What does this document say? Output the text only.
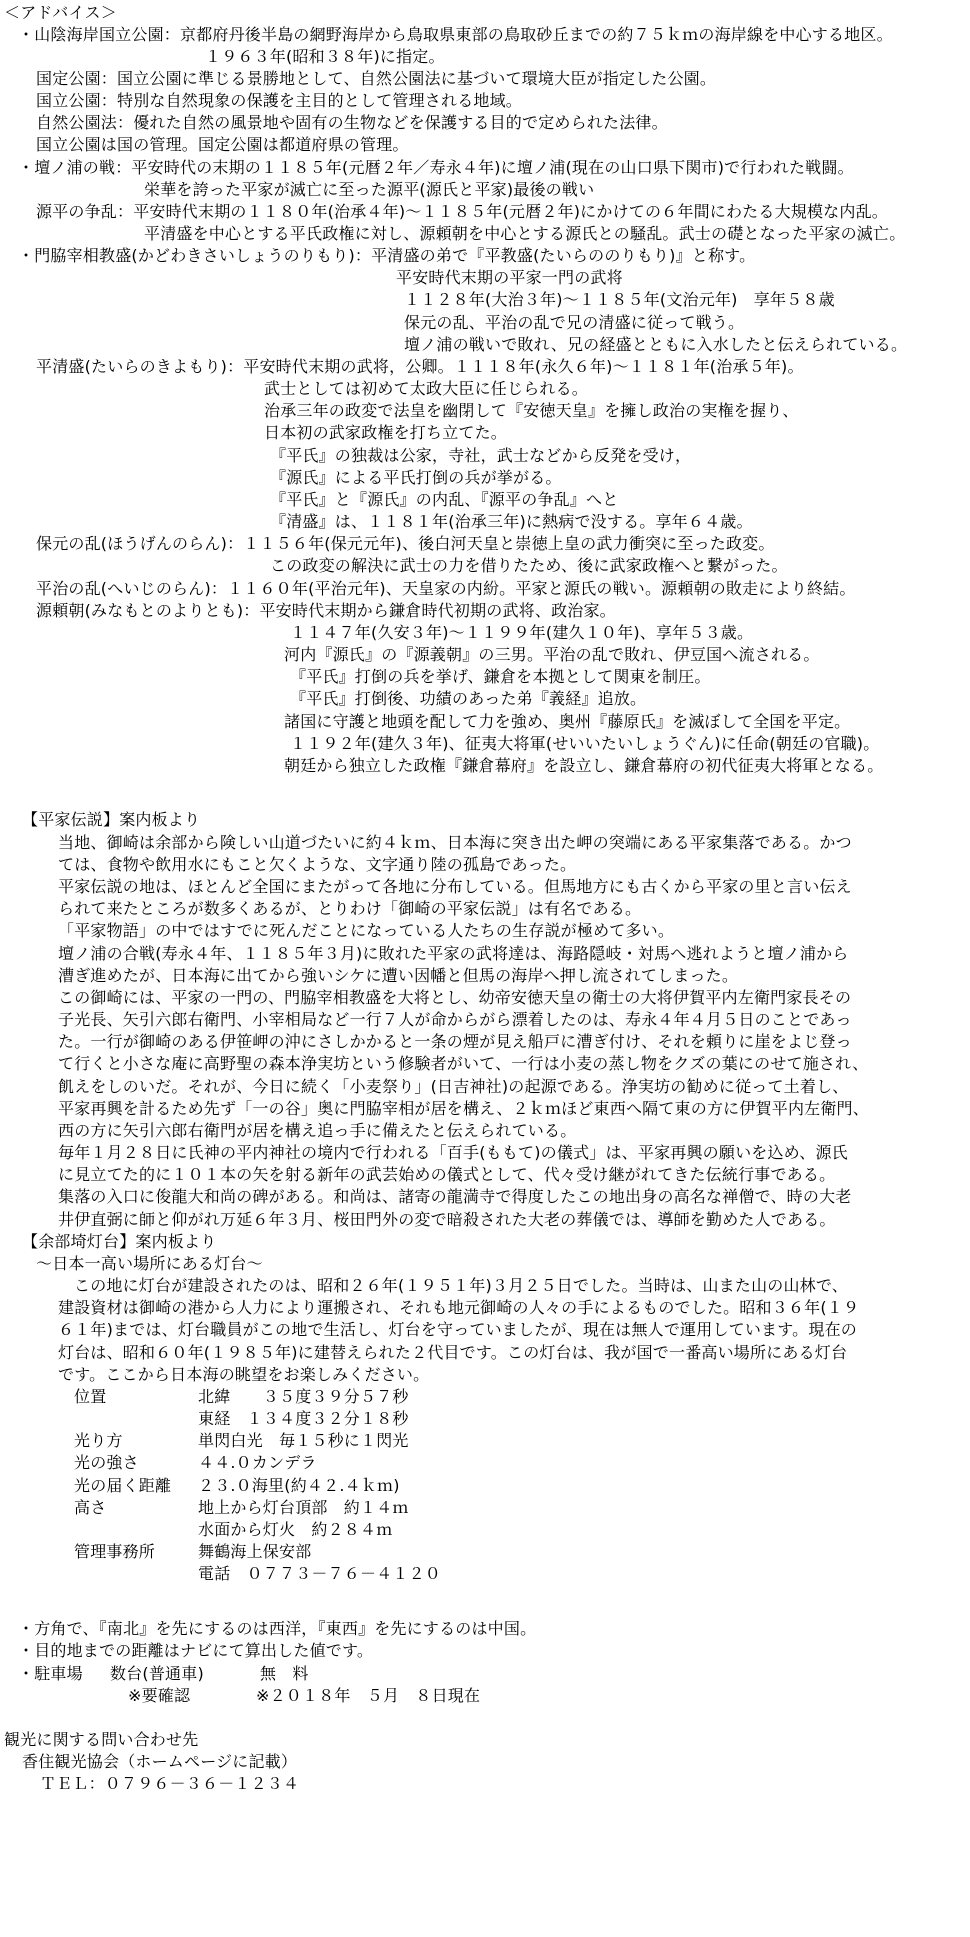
＜アドバイス＞
・山陰海岸国立公園：京都府丹後半島の網野海岸から鳥取県東部の鳥取砂丘までの約７５ｋｍの海岸線を中心する地区。
１９６３年(昭和３８年)に指定。
国定公園：国立公園に準じる景勝地として、自然公園法に基づいて環境大臣が指定した公園。
国立公園：特別な自然現象の保護を主目的として管理される地域。
自然公園法：優れた自然の風景地や固有の生物などを保護する目的で定められた法律。
国立公園は国の管理。国定公園は都道府県の管理。
・壇ノ浦の戦：平安時代の末期の１１８５年(元暦２年／寿永４年)に壇ノ浦(現在の山口県下関市)で行われた戦闘。
栄華を誇った平家が滅亡に至った源平(源氏と平家)最後の戦い
源平の争乱：平安時代末期の１１８０年(治承４年)～１１８５年(元暦２年)にかけての６年間にわたる大規模な内乱。
平清盛を中心とする平氏政権に対し、源頼朝を中心とする源氏との騒乱。武士の礎となった平家の滅亡。
・門脇宰相教盛(かどわきさいしょうのりもり)：平清盛の弟で『平教盛(たいらののりもり)』と称す。
平安時代末期の平家一門の武将
１１２８年(大治３年)～１１８５年(文治元年)　享年５８歳
保元の乱、平治の乱で兄の清盛に従って戦う。
壇ノ浦の戦いで敗れ、兄の経盛とともに入水したと伝えられている。
平清盛(たいらのきよもり)：平安時代末期の武将，公卿。１１１８年(永久６年)～１１８１年(治承５年)。
武士としては初めて太政大臣に任じられる。
治承三年の政変で法皇を幽閉して『安徳天皇』を擁し政治の実権を握り、
日本初の武家政権を打ち立てた。
『平氏』の独裁は公家，寺社，武士などから反発を受け，
『源氏』による平氏打倒の兵が挙がる。
『平氏』と『源氏』の内乱、『源平の争乱』へと
『清盛』は、１１８１年(治承三年)に熱病で没する。享年６４歳。
保元の乱(ほうげんのらん)：１１５６年(保元元年)、後白河天皇と崇徳上皇の武力衝突に至った政変。
この政変の解決に武士の力を借りたため、後に武家政権へと繋がった。
平治の乱(へいじのらん)：１１６０年(平治元年)、天皇家の内紛。平家と源氏の戦い。源頼朝の敗走により終結。
源頼朝(みなもとのよりとも)：平安時代末期から鎌倉時代初期の武将、政治家。
１１４７年(久安３年)～１１９９年(建久１０年)、享年５３歳。
河内『源氏』の『源義朝』の三男。平治の乱で敗れ、伊豆国へ流される。
『平氏』打倒の兵を挙げ、鎌倉を本拠として関東を制圧。
『平氏』打倒後、功績のあった弟『義経』追放。
諸国に守護と地頭を配して力を強め、奥州『藤原氏』を滅ぼして全国を平定。
１１９２年(建久３年)、征夷大将軍(せいいたいしょうぐん)に任命(朝廷の官職)。
朝廷から独立した政権『鎌倉幕府』を設立し、鎌倉幕府の初代征夷大将軍となる。
【平家伝説】案内板より
当地、御崎は余部から険しい山道づたいに約４ｋｍ、日本海に突き出た岬の突端にある平家集落である。かつ
ては、食物や飲用水にもこと欠くような、文字通り陸の孤島であった。
平家伝説の地は、ほとんど全国にまたがって各地に分布している。但馬地方にも古くから平家の里と言い伝え
られて来たところが数多くあるが、とりわけ「御崎の平家伝説」は有名である。
「平家物語」の中ではすでに死んだことになっている人たちの生存説が極めて多い。
壇ノ浦の合戦(寿永４年、１１８５年３月)に敗れた平家の武将達は、海路隠岐・対馬へ逃れようと壇ノ浦から
漕ぎ進めたが、日本海に出てから強いシケに遭い因幡と但馬の海岸へ押し流されてしまった。
この御崎には、平家の一門の、門脇宰相教盛を大将とし、幼帝安徳天皇の衛士の大将伊賀平内左衛門家長その
子光長、矢引六郎右衛門、小宰相局など一行７人が命からがら漂着したのは、寿永４年４月５日のことであっ
た。一行が御崎のある伊笹岬の沖にさしかかると一条の煙が見え船戸に漕ぎ付け、それを頼りに崖をよじ登っ
て行くと小さな庵に高野聖の森本浄実坊という修験者がいて、一行は小麦の蒸し物をクズの葉にのせて施され、
飢えをしのいだ。それが、今日に続く「小麦祭り」(日吉神社)の起源である。浄実坊の勧めに従って土着し、
平家再興を計るため先ず「一の谷」奥に門脇宰相が居を構え、２ｋｍほど東西へ隔て東の方に伊賀平内左衛門、
西の方に矢引六郎右衛門が居を構え追っ手に備えたと伝えられている。
毎年１月２８日に氏神の平内神社の境内で行われる「百手(ももて)の儀式」は、平家再興の願いを込め、源氏
に見立てた的に１０１本の矢を射る新年の武芸始めの儀式として、代々受け継がれてきた伝統行事である。
集落の入口に俊龍大和尚の碑がある。和尚は、諸寄の龍満寺で得度したこの地出身の高名な禅僧で、時の大老
井伊直弼に師と仰がれ万延６年３月、桜田門外の変で暗殺された大老の葬儀では、導師を勤めた人である。
【余部埼灯台】案内板より
～日本一高い場所にある灯台～
この地に灯台が建設されたのは、昭和２６年(１９５１年)３月２５日でした。当時は、山また山の山林で、
建設資材は御崎の港から人力により運搬され、それも地元御崎の人々の手によるものでした。昭和３６年(１９
６１年)までは、灯台職員がこの地で生活し、灯台を守っていましたが、現在は無人で運用しています。現在の
灯台は、昭和６０年(１９８５年)に建替えられた２代目です。この灯台は、我が国で一番高い場所にある灯台
です。ここから日本海の眺望をお楽しみください。
位置	北緯　　３５度３９分５７秒
東経　１３４度３２分１８秒
光り方	単閃白光　毎１５秒に１閃光
光の強さ	４４.０カンデラ
光の届く距離 ２３.０海里(約４２.４ｋｍ)
高さ	地上から灯台頂部　約１４ｍ
水面から灯火　約２８４ｍ
管理事務所	舞鶴海上保安部
電話　０７７３－７６－４１２０
・方角で、『南北』を先にするのは西洋，『東西』を先にするのは中国。
・目的地までの距離はナビにて算出した値です。
・駐車場 数台(普通車)	無　料
※要確認	※２０１８年　５月　８日現在
観光に関する問い合わせ先
香住観光協会（ホームページに記載）
ＴＥＬ：０７９６－３６－１２３４
